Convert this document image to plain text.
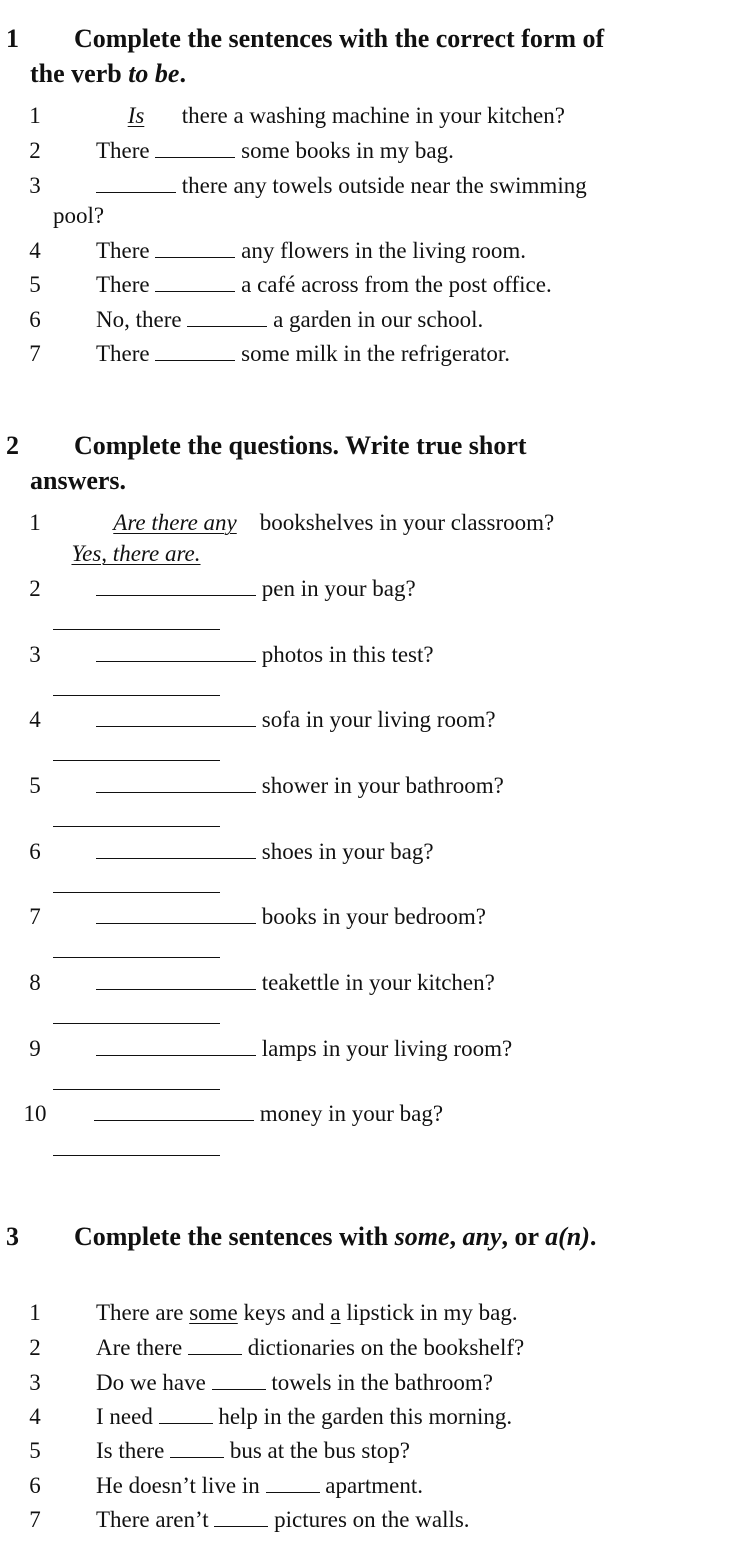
1 Complete the sentences with the correct form of
the verb to be.
1	Is there a washing machine in your kitchen?
2	There	some books in my bag.
3	there any towels outside near the swimming
pool?
4	There	any flowers in the living room.
5	There	a café across from the post office.
6	No, there	a garden in our school.
7	There	some milk in the refrigerator.
2 Complete the questions. Write true short
answers.
1	Are there any bookshelves in your classroom?
Yes, there are.
2	pen in your bag?
3	photos in this test?
4	sofa in your living room?
5	shower in your bathroom?
6	shoes in your bag?
7	books in your bedroom?
8	teakettle in your kitchen?
9	lamps in your living room?
10	money in your bag?
3 Complete the sentences with some, any, or a(n).
1	There are some keys and a lipstick in my bag.
2	Are there	dictionaries on the bookshelf?
3	Do we have	towels in the bathroom?
4	I need	help in the garden this morning.
5	Is there	bus at the bus stop?
6	He doesn’t live in	apartment.
7	There aren’t	pictures on the walls.
